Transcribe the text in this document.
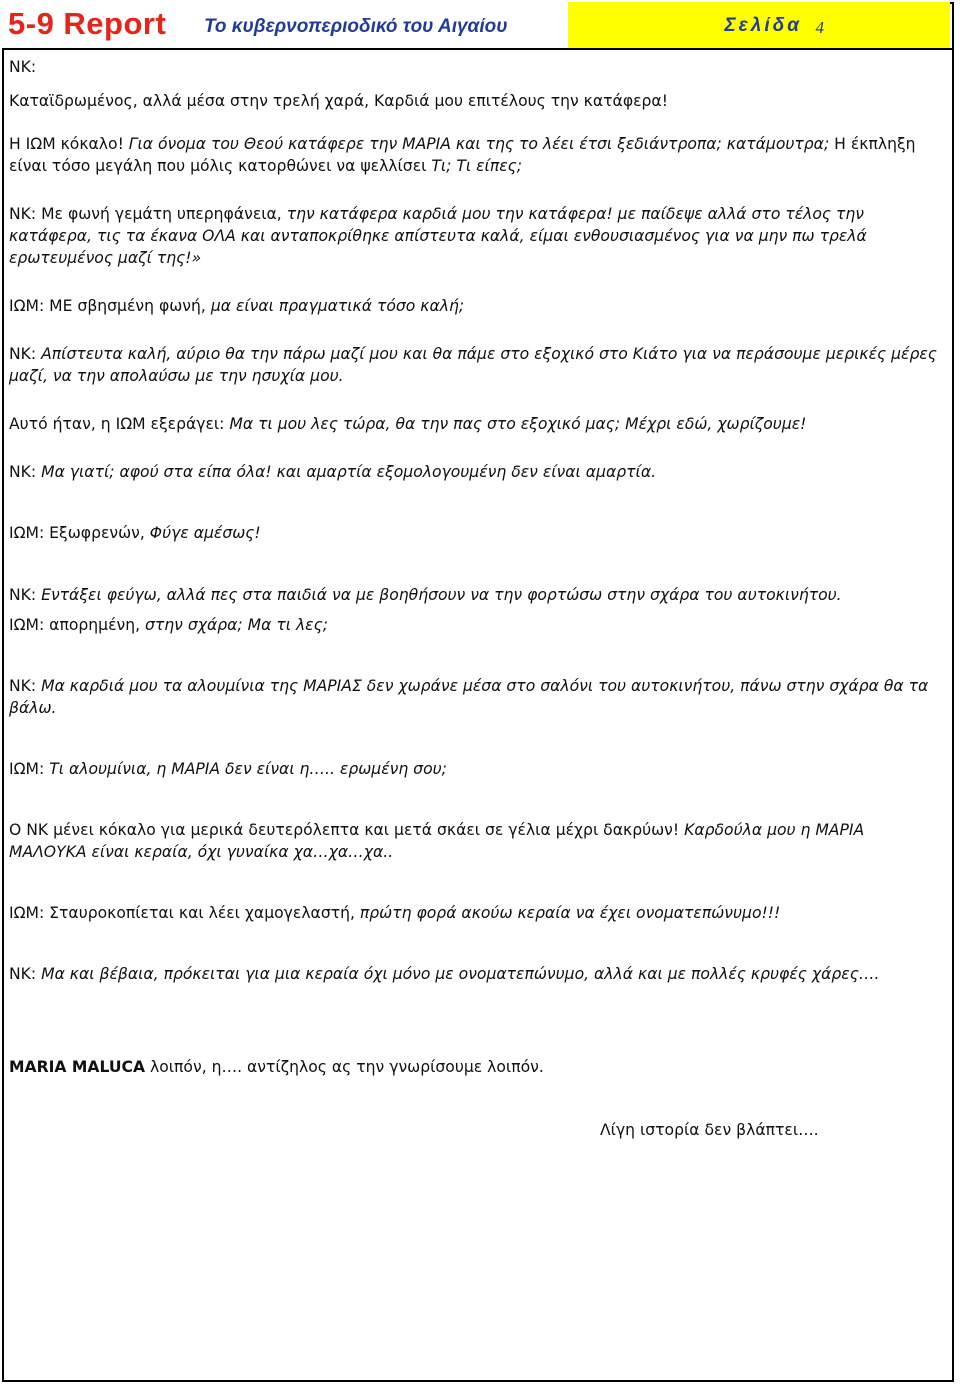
5-9 Report Το κυβερνοπεριοδικό του Αιγαίου	Σελίδα 4

ΝΚ:

Καταϊδρωμένος, αλλά μέσα στην τρελή χαρά, Καρδιά μου επιτέλους την κατάφερα!

Η ΙΩΜ κόκαλο! Για όνομα του Θεού κατάφερε την ΜΑΡΙΑ και της το λέει έτσι ξεδιάντροπα; κατάμουτρα; Η έκπληξη είναι τόσο μεγάλη που μόλις κατορθώνει να ψελλίσει Τι; Τι είπες;

ΝΚ: Με φωνή γεμάτη υπερηφάνεια, την κατάφερα καρδιά μου την κατάφερα! με παίδεψε αλλά στο τέλος την κατάφερα, τις τα έκανα ΟΛΑ και ανταποκρίθηκε απίστευτα καλά, είμαι ενθουσιασμένος για να μην πω τρελά ερωτευμένος μαζί της!»

ΙΩΜ: ΜΕ σβησμένη φωνή, μα είναι πραγματικά τόσο καλή;

ΝΚ: Απίστευτα καλή, αύριο θα την πάρω μαζί μου και θα πάμε στο εξοχικό στο Κιάτο για να περάσουμε μερικές μέρες μαζί, να την απολαύσω με την ησυχία μου.

Αυτό ήταν, η ΙΩΜ εξεράγει: Μα τι μου λες τώρα, θα την πας στο εξοχικό μας; Μέχρι εδώ, χωρίζουμε!

ΝΚ: Μα γιατί; αφού στα είπα όλα! και αμαρτία εξομολογουμένη δεν είναι αμαρτία.

ΙΩΜ: Εξωφρενών, Φύγε αμέσως!

ΝΚ: Εντάξει φεύγω, αλλά πες στα παιδιά να με βοηθήσουν να την φορτώσω στην σχάρα του αυτοκινήτου.

ΙΩΜ: απορημένη, στην σχάρα; Μα τι λες;

ΝΚ: Μα καρδιά μου τα αλουμίνια της ΜΑΡΙΑΣ δεν χωράνε μέσα στο σαλόνι του αυτοκινήτου, πάνω στην σχάρα θα τα βάλω.

ΙΩΜ: Τι αλουμίνια, η ΜΑΡΙΑ δεν είναι η….. ερωμένη σου;

Ο ΝΚ μένει κόκαλο για μερικά δευτερόλεπτα και μετά σκάει σε γέλια μέχρι δακρύων! Καρδούλα μου η ΜΑΡΙΑ ΜΑΛΟΥΚΑ είναι κεραία, όχι γυναίκα χα…χα…χα..

ΙΩΜ: Σταυροκοπίεται και λέει χαμογελαστή, πρώτη φορά ακούω κεραία να έχει ονοματεπώνυμο!!!

ΝΚ: Μα και βέβαια, πρόκειται για μια κεραία όχι μόνο με ονοματεπώνυμο, αλλά και με πολλές κρυφές χάρες….

MARIA MALUCA λοιπόν, η…. αντίζηλος ας την γνωρίσουμε λοιπόν.

Λίγη ιστορία δεν βλάπτει….
